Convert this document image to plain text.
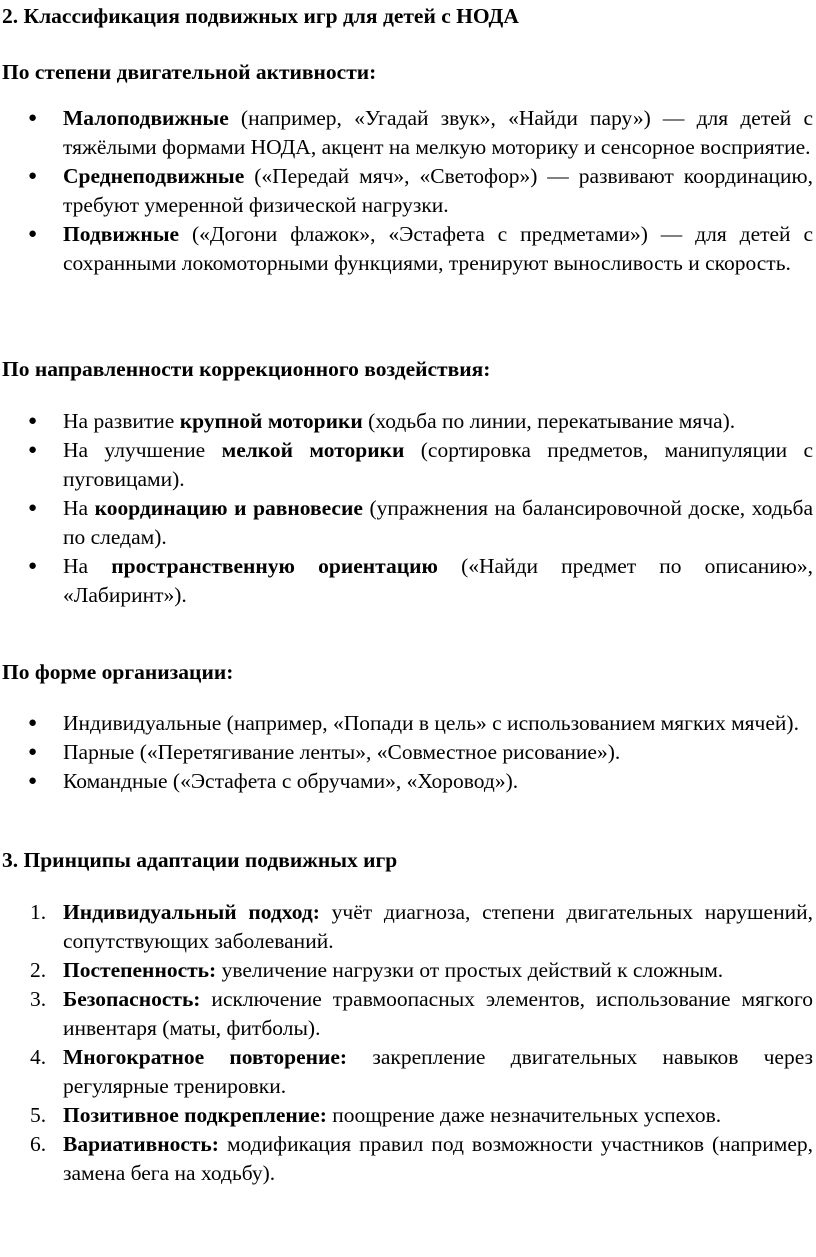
2. Классификация подвижных игр для детей с НОДА
По степени двигательной активности:
● Малоподвижные (например, «Угадай звук», «Найди пару») — для детей с тяжёлыми формами НОДА, акцент на мелкую моторику и сенсорное восприятие.
● Среднеподвижные («Передай мяч», «Светофор») — развивают координацию, требуют умеренной физической нагрузки.
● Подвижные («Догони флажок», «Эстафета с предметами») — для детей с сохранными локомоторными функциями, тренируют выносливость и скорость.
По направленности коррекционного воздействия:
● На развитие крупной моторики (ходьба по линии, перекатывание мяча).
● На улучшение мелкой моторики (сортировка предметов, манипуляции с пуговицами).
● На координацию и равновесие (упражнения на балансировочной доске, ходьба по следам).
● На пространственную ориентацию («Найди предмет по описанию», «Лабиринт»).
По форме организации:
● Индивидуальные (например, «Попади в цель» с использованием мягких мячей).
● Парные («Перетягивание ленты», «Совместное рисование»).
● Командные («Эстафета с обручами», «Хоровод»).
3. Принципы адаптации подвижных игр
1. Индивидуальный подход: учёт диагноза, степени двигательных нарушений, сопутствующих заболеваний.
2. Постепенность: увеличение нагрузки от простых действий к сложным.
3. Безопасность: исключение травмоопасных элементов, использование мягкого инвентаря (маты, фитболы).
4. Многократное повторение: закрепление двигательных навыков через регулярные тренировки.
5. Позитивное подкрепление: поощрение даже незначительных успехов.
6. Вариативность: модификация правил под возможности участников (например, замена бега на ходьбу).
